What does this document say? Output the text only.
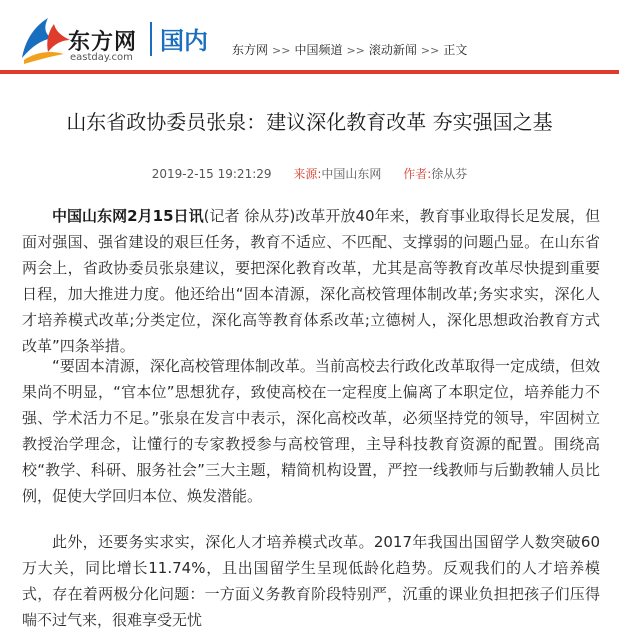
东方网
eastday.com
国内 东方网 >> 中国频道 >> 滚动新闻 >> 正文
山东省政协委员张泉：建议深化教育改革 夯实强国之基
2019-2-15 19:21:29 来源:中国山东网 作者:徐从芬

中国山东网2月15日讯(记者 徐从芬)改革开放40年来，教育事业取得长足发展，但面对强国、强省建设的艰巨任务，教育不适应、不匹配、支撑弱的问题凸显。在山东省两会上，省政协委员张泉建议，要把深化教育改革，尤其是高等教育改革尽快提到重要日程，加大推进力度。他还给出“固本清源，深化高校管理体制改革;务实求实，深化人才培养模式改革;分类定位，深化高等教育体系改革;立德树人，深化思想政治教育方式改革”四条举措。

“要固本清源，深化高校管理体制改革。当前高校去行政化改革取得一定成绩，但效果尚不明显，“官本位”思想犹存，致使高校在一定程度上偏离了本职定位，培养能力不强、学术活力不足。”张泉在发言中表示，深化高校改革，必须坚持党的领导，牢固树立教授治学理念，让懂行的专家教授参与高校管理，主导科技教育资源的配置。围绕高校“教学、科研、服务社会”三大主题，精简机构设置，严控一线教师与后勤教辅人员比例，促使大学回归本位、焕发潜能。

此外，还要务实求实，深化人才培养模式改革。2017年我国出国留学人数突破60万大关，同比增长11.74%，且出国留学生呈现低龄化趋势。反观我们的人才培养模式，存在着两极分化问题：一方面义务教育阶段特别严，沉重的课业负担把孩子们压得喘不过气来，很难享受无忧
